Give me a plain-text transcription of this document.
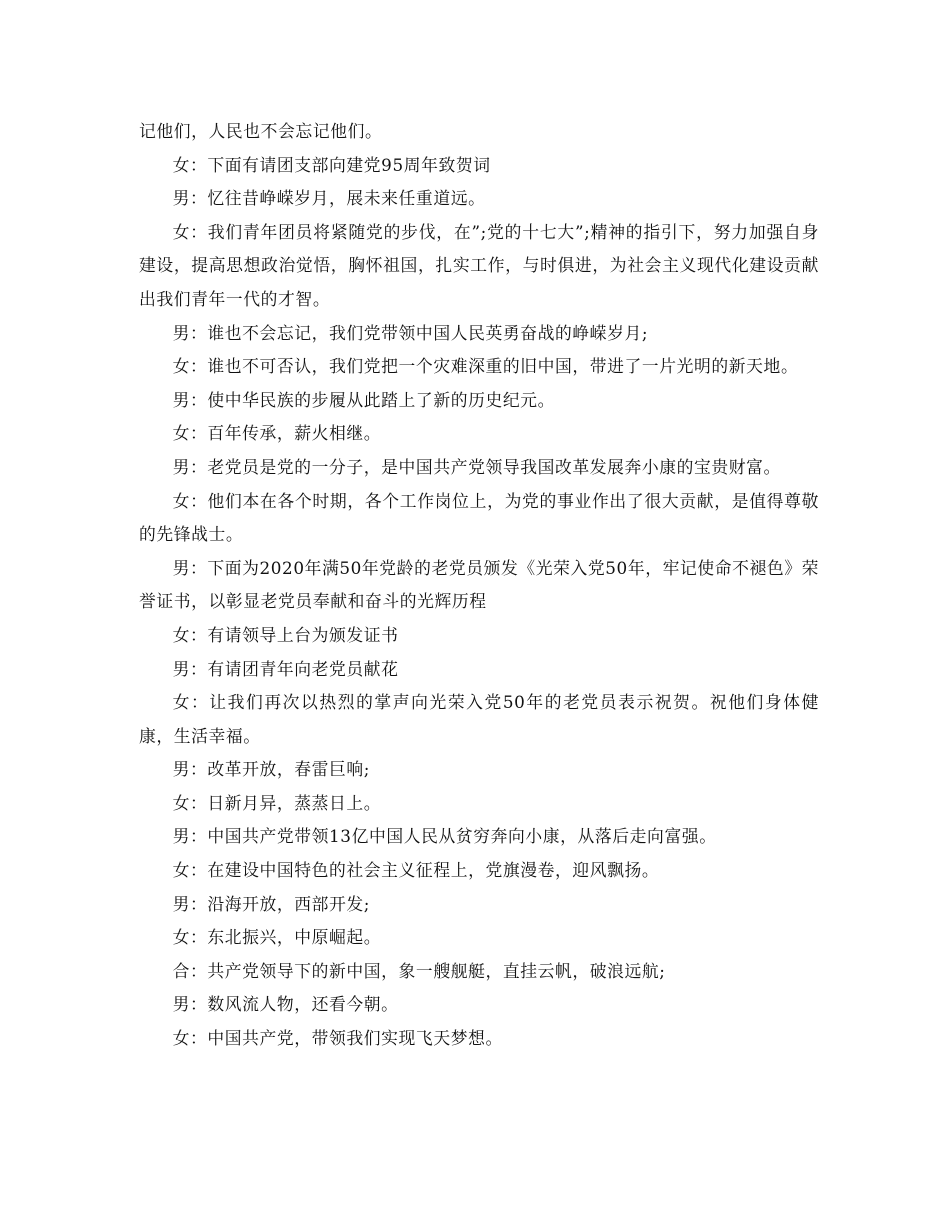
记他们，人民也不会忘记他们。

女：下面有请团支部向建党95周年致贺词

男：忆往昔峥嵘岁月，展未来任重道远。

女：我们青年团员将紧随党的步伐，在”;党的十七大”;精神的指引下，努力加强自身建设，提高思想政治觉悟，胸怀祖国，扎实工作，与时俱进，为社会主义现代化建设贡献出我们青年一代的才智。

男：谁也不会忘记，我们党带领中国人民英勇奋战的峥嵘岁月;

女：谁也不可否认，我们党把一个灾难深重的旧中国，带进了一片光明的新天地。

男：使中华民族的步履从此踏上了新的历史纪元。

女：百年传承，薪火相继。

男：老党员是党的一分子，是中国共产党领导我国改革发展奔小康的宝贵财富。

女：他们本在各个时期，各个工作岗位上，为党的事业作出了很大贡献，是值得尊敬的先锋战士。

男：下面为2020年满50年党龄的老党员颁发《光荣入党50年，牢记使命不褪色》荣誉证书，以彰显老党员奉献和奋斗的光辉历程

女：有请领导上台为颁发证书

男：有请团青年向老党员献花

女：让我们再次以热烈的掌声向光荣入党50年的老党员表示祝贺。祝他们身体健康，生活幸福。

男：改革开放，春雷巨响;

女：日新月异，蒸蒸日上。

男：中国共产党带领13亿中国人民从贫穷奔向小康，从落后走向富强。

女：在建设中国特色的社会主义征程上，党旗漫卷，迎风飘扬。

男：沿海开放，西部开发;

女：东北振兴，中原崛起。

合：共产党领导下的新中国，象一艘舰艇，直挂云帆，破浪远航;

男：数风流人物，还看今朝。

女：中国共产党，带领我们实现飞天梦想。
